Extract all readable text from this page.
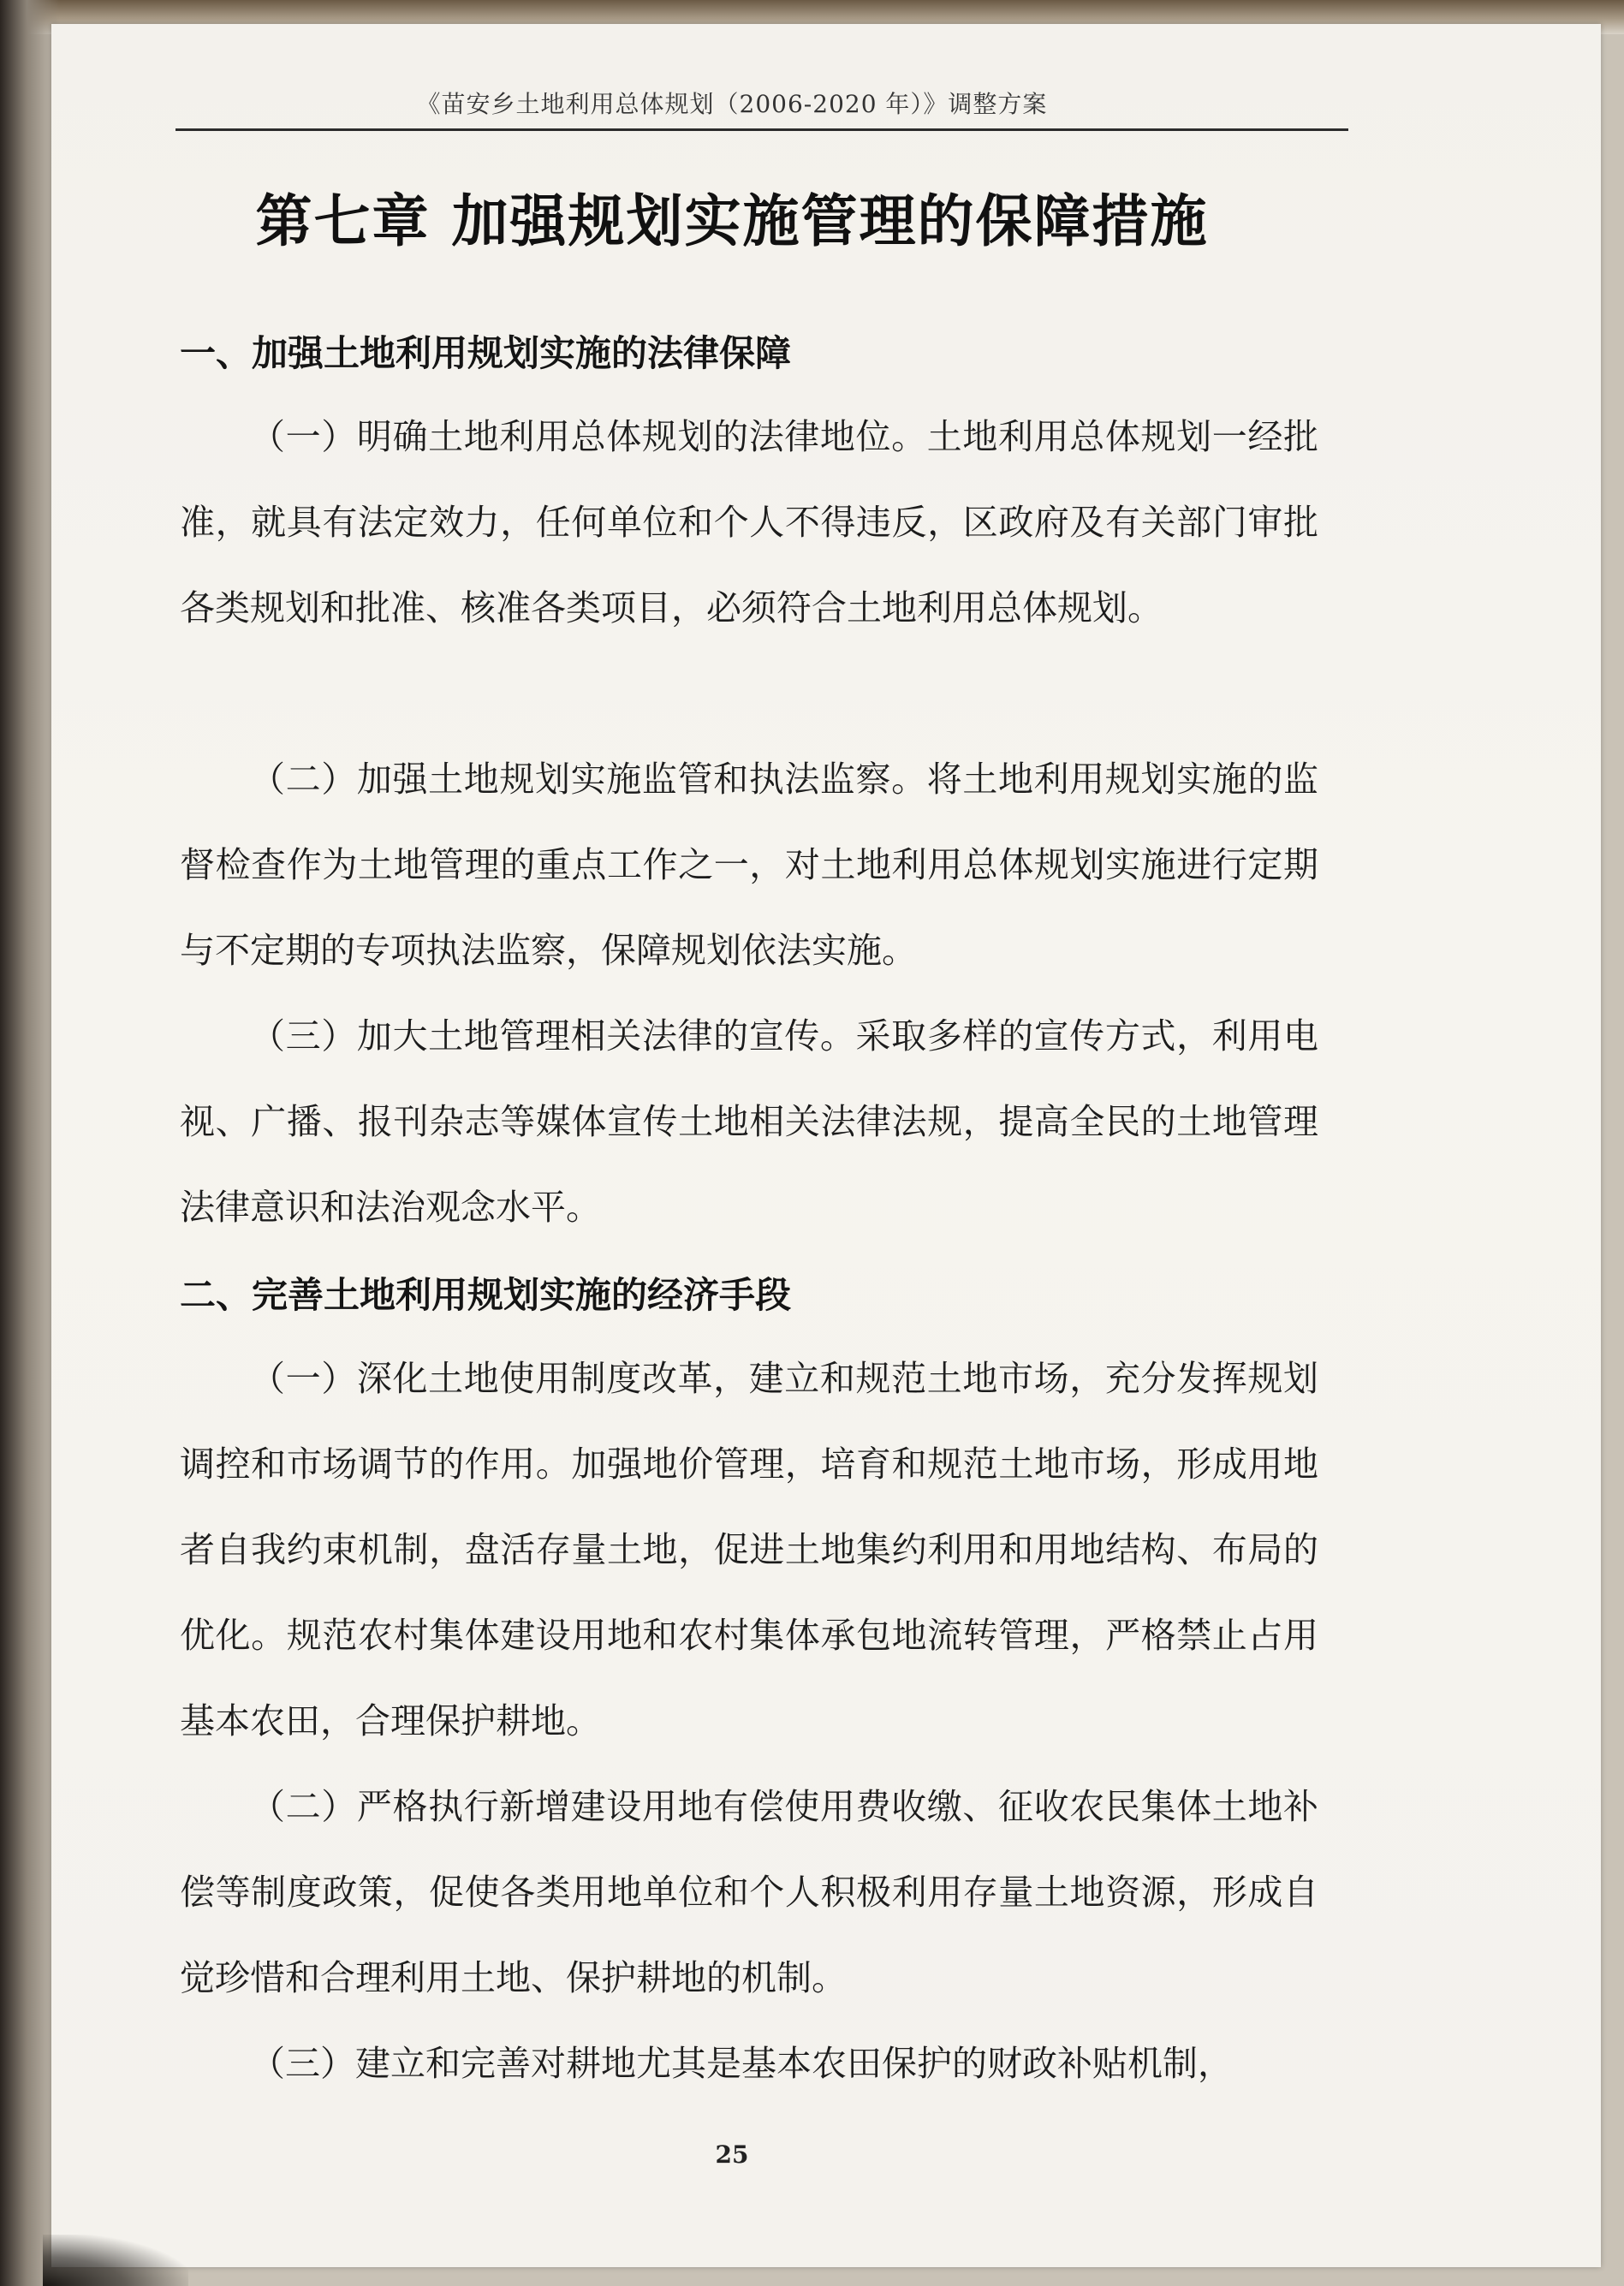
《苗安乡土地利用总体规划（2006-2020 年）》调整方案
第七章 加强规划实施管理的保障措施
一、加强土地利用规划实施的法律保障

（一）明确土地利用总体规划的法律地位。土地利用总体规划一经批准，就具有法定效力，任何单位和个人不得违反，区政府及有关部门审批各类规划和批准、核准各类项目，必须符合土地利用总体规划。

（二）加强土地规划实施监管和执法监察。将土地利用规划实施的监督检查作为土地管理的重点工作之一，对土地利用总体规划实施进行定期与不定期的专项执法监察，保障规划依法实施。

（三）加大土地管理相关法律的宣传。采取多样的宣传方式，利用电视、广播、报刊杂志等媒体宣传土地相关法律法规，提高全民的土地管理法律意识和法治观念水平。

二、完善土地利用规划实施的经济手段

（一）深化土地使用制度改革，建立和规范土地市场，充分发挥规划调控和市场调节的作用。加强地价管理，培育和规范土地市场，形成用地者自我约束机制，盘活存量土地，促进土地集约利用和用地结构、布局的优化。规范农村集体建设用地和农村集体承包地流转管理，严格禁止占用基本农田，合理保护耕地。

（二）严格执行新增建设用地有偿使用费收缴、征收农民集体土地补偿等制度政策，促使各类用地单位和个人积极利用存量土地资源，形成自觉珍惜和合理利用土地、保护耕地的机制。

（三）建立和完善对耕地尤其是基本农田保护的财政补贴机制，

25
